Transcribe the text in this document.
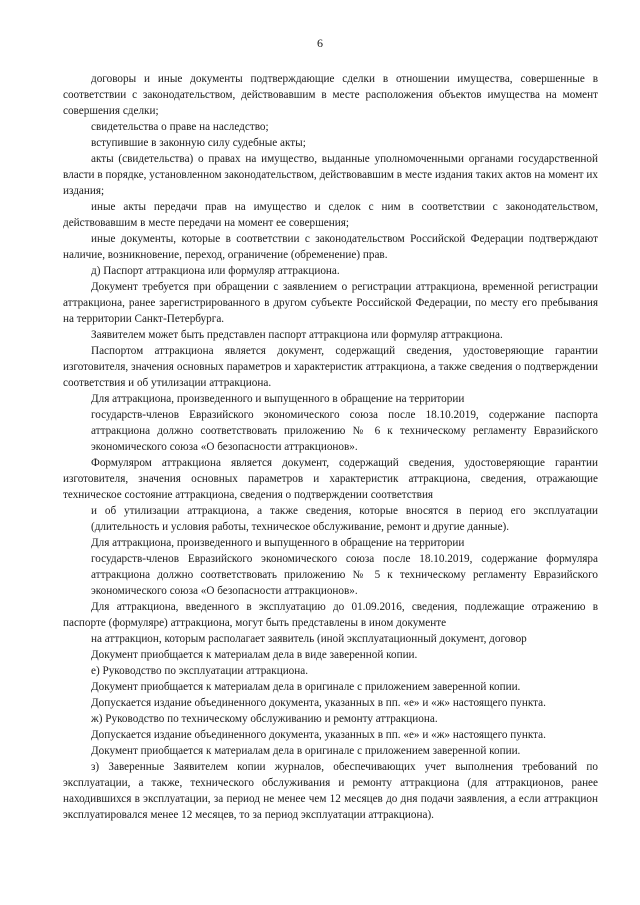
6

договоры и иные документы подтверждающие сделки в отношении имущества, совершенные в соответствии с законодательством, действовавшим в месте расположения объектов имущества на момент совершения сделки;

свидетельства о праве на наследство;

вступившие в законную силу судебные акты;

акты (свидетельства) о правах на имущество, выданные уполномоченными органами государственной власти в порядке, установленном законодательством, действовавшим в месте издания таких актов на момент их издания;

иные акты передачи прав на имущество и сделок с ним в соответствии с законодательством, действовавшим в месте передачи на момент ее совершения;

иные документы, которые в соответствии с законодательством Российской Федерации подтверждают наличие, возникновение, переход, ограничение (обременение) прав.

д) Паспорт аттракциона или формуляр аттракциона.

Документ требуется при обращении с заявлением о регистрации аттракциона, временной регистрации аттракциона, ранее зарегистрированного в другом субъекте Российской Федерации, по месту его пребывания на территории Санкт-Петербурга.

Заявителем может быть представлен паспорт аттракциона или формуляр аттракциона.

Паспортом аттракциона является документ, содержащий сведения, удостоверяющие гарантии изготовителя, значения основных параметров и характеристик аттракциона, а также сведения о подтверждении соответствия и об утилизации аттракциона.

Для аттракциона, произведенного и выпущенного в обращение на территории

государств-членов Евразийского экономического союза после 18.10.2019, содержание паспорта аттракциона должно соответствовать приложению № 6 к техническому регламенту Евразийского экономического союза «О безопасности аттракционов».

Формуляром аттракциона является документ, содержащий сведения, удостоверяющие гарантии изготовителя, значения основных параметров и характеристик аттракциона, сведения, отражающие техническое состояние аттракциона, сведения о подтверждении соответствия

и об утилизации аттракциона, а также сведения, которые вносятся в период его эксплуатации (длительность и условия работы, техническое обслуживание, ремонт и другие данные).

Для аттракциона, произведенного и выпущенного в обращение на территории

государств-членов Евразийского экономического союза после 18.10.2019, содержание формуляра аттракциона должно соответствовать приложению № 5 к техническому регламенту Евразийского экономического союза «О безопасности аттракционов».

Для аттракциона, введенного в эксплуатацию до 01.09.2016, сведения, подлежащие отражению в паспорте (формуляре) аттракциона, могут быть представлены в ином документе

на аттракцион, которым располагает заявитель (иной эксплуатационный документ, договор

Документ приобщается к материалам дела в виде заверенной копии.

е) Руководство по эксплуатации аттракциона.

Документ приобщается к материалам дела в оригинале с приложением заверенной копии.

Допускается издание объединенного документа, указанных в пп. «е» и «ж» настоящего пункта.

ж) Руководство по техническому обслуживанию и ремонту аттракциона.

Допускается издание объединенного документа, указанных в пп. «е» и «ж» настоящего пункта.

Документ приобщается к материалам дела в оригинале с приложением заверенной копии.

з) Заверенные Заявителем копии журналов, обеспечивающих учет выполнения требований по эксплуатации, а также, технического обслуживания и ремонту аттракциона (для аттракционов, ранее находившихся в эксплуатации, за период не менее чем 12 месяцев до дня подачи заявления, а если аттракцион эксплуатировался менее 12 месяцев, то за период эксплуатации аттракциона).
